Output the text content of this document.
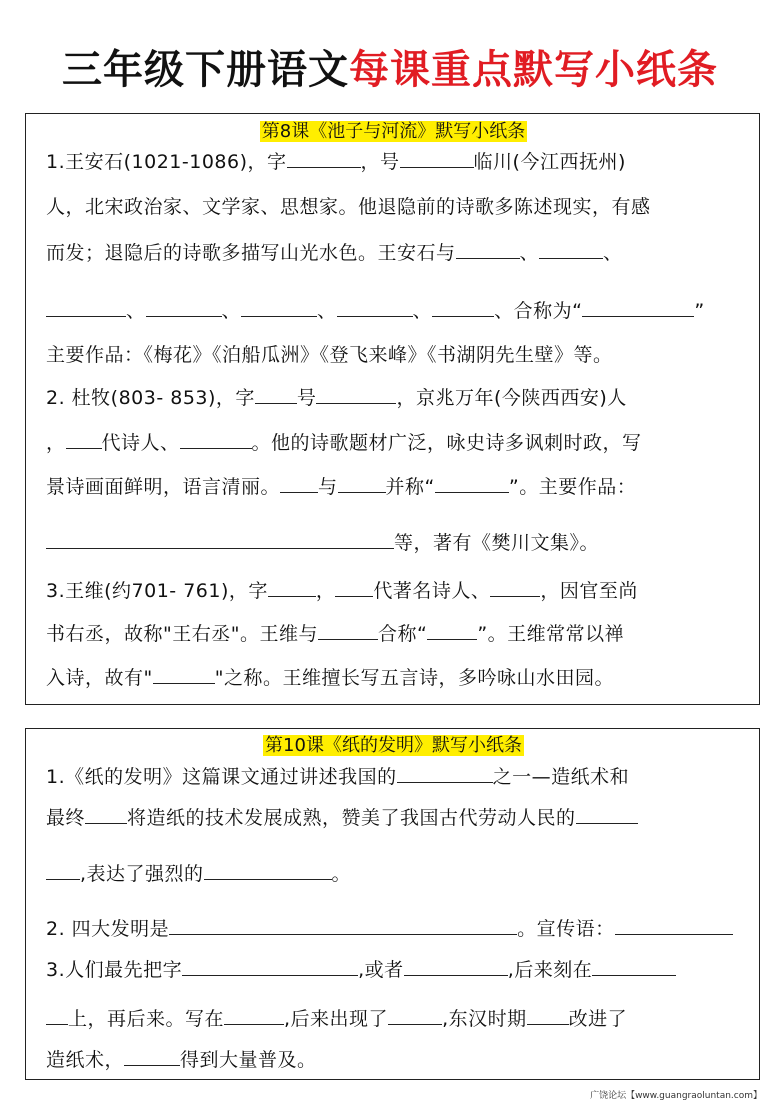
三年级下册语文每课重点默写小纸条
第8课《池子与河流》默写小纸条
1.王安石(1021-1086)，字	，号	临川(今江西抚州)
人，北宋政治家、文学家、思想家。他退隐前的诗歌多陈述现实，有感
而发；退隐后的诗歌多描写山光水色。王安石与	、	、
、	、	、	、	、合称为“	”
主要作品：《梅花》《泊船瓜洲》《登飞来峰》《书湖阴先生壁》等。
2. 杜牧(803- 853)，字 号	，京兆万年(今陕西西安)人
， 代诗人、	。他的诗歌题材广泛，咏史诗多讽刺时政，写
景诗画面鲜明，语言清丽。 与	并称“	”。主要作品：
等，著有《樊川文集》。
3.王维(约701- 761)，字	， 代著名诗人、	，因官至尚
书右丞，故称"王右丞"。王维与	合称“	”。王维常常以禅
入诗，故有"	"之称。王维擅长写五言诗，多吟咏山水田园。
第10课《纸的发明》默写小纸条
1.《纸的发明》这篇课文通过讲述我国的	之一—造纸术和
最终 将造纸的技术发展成熟，赞美了我国古代劳动人民的
,表达了强烈的	。
2. 四大发明是	。宣传语：
3.人们最先把字	,或者	,后来刻在
上，再后来。写在	,后来出现了	,东汉时期 改进了
造纸术，	得到大量普及。
广饶论坛【www.guangraoluntan.com】
